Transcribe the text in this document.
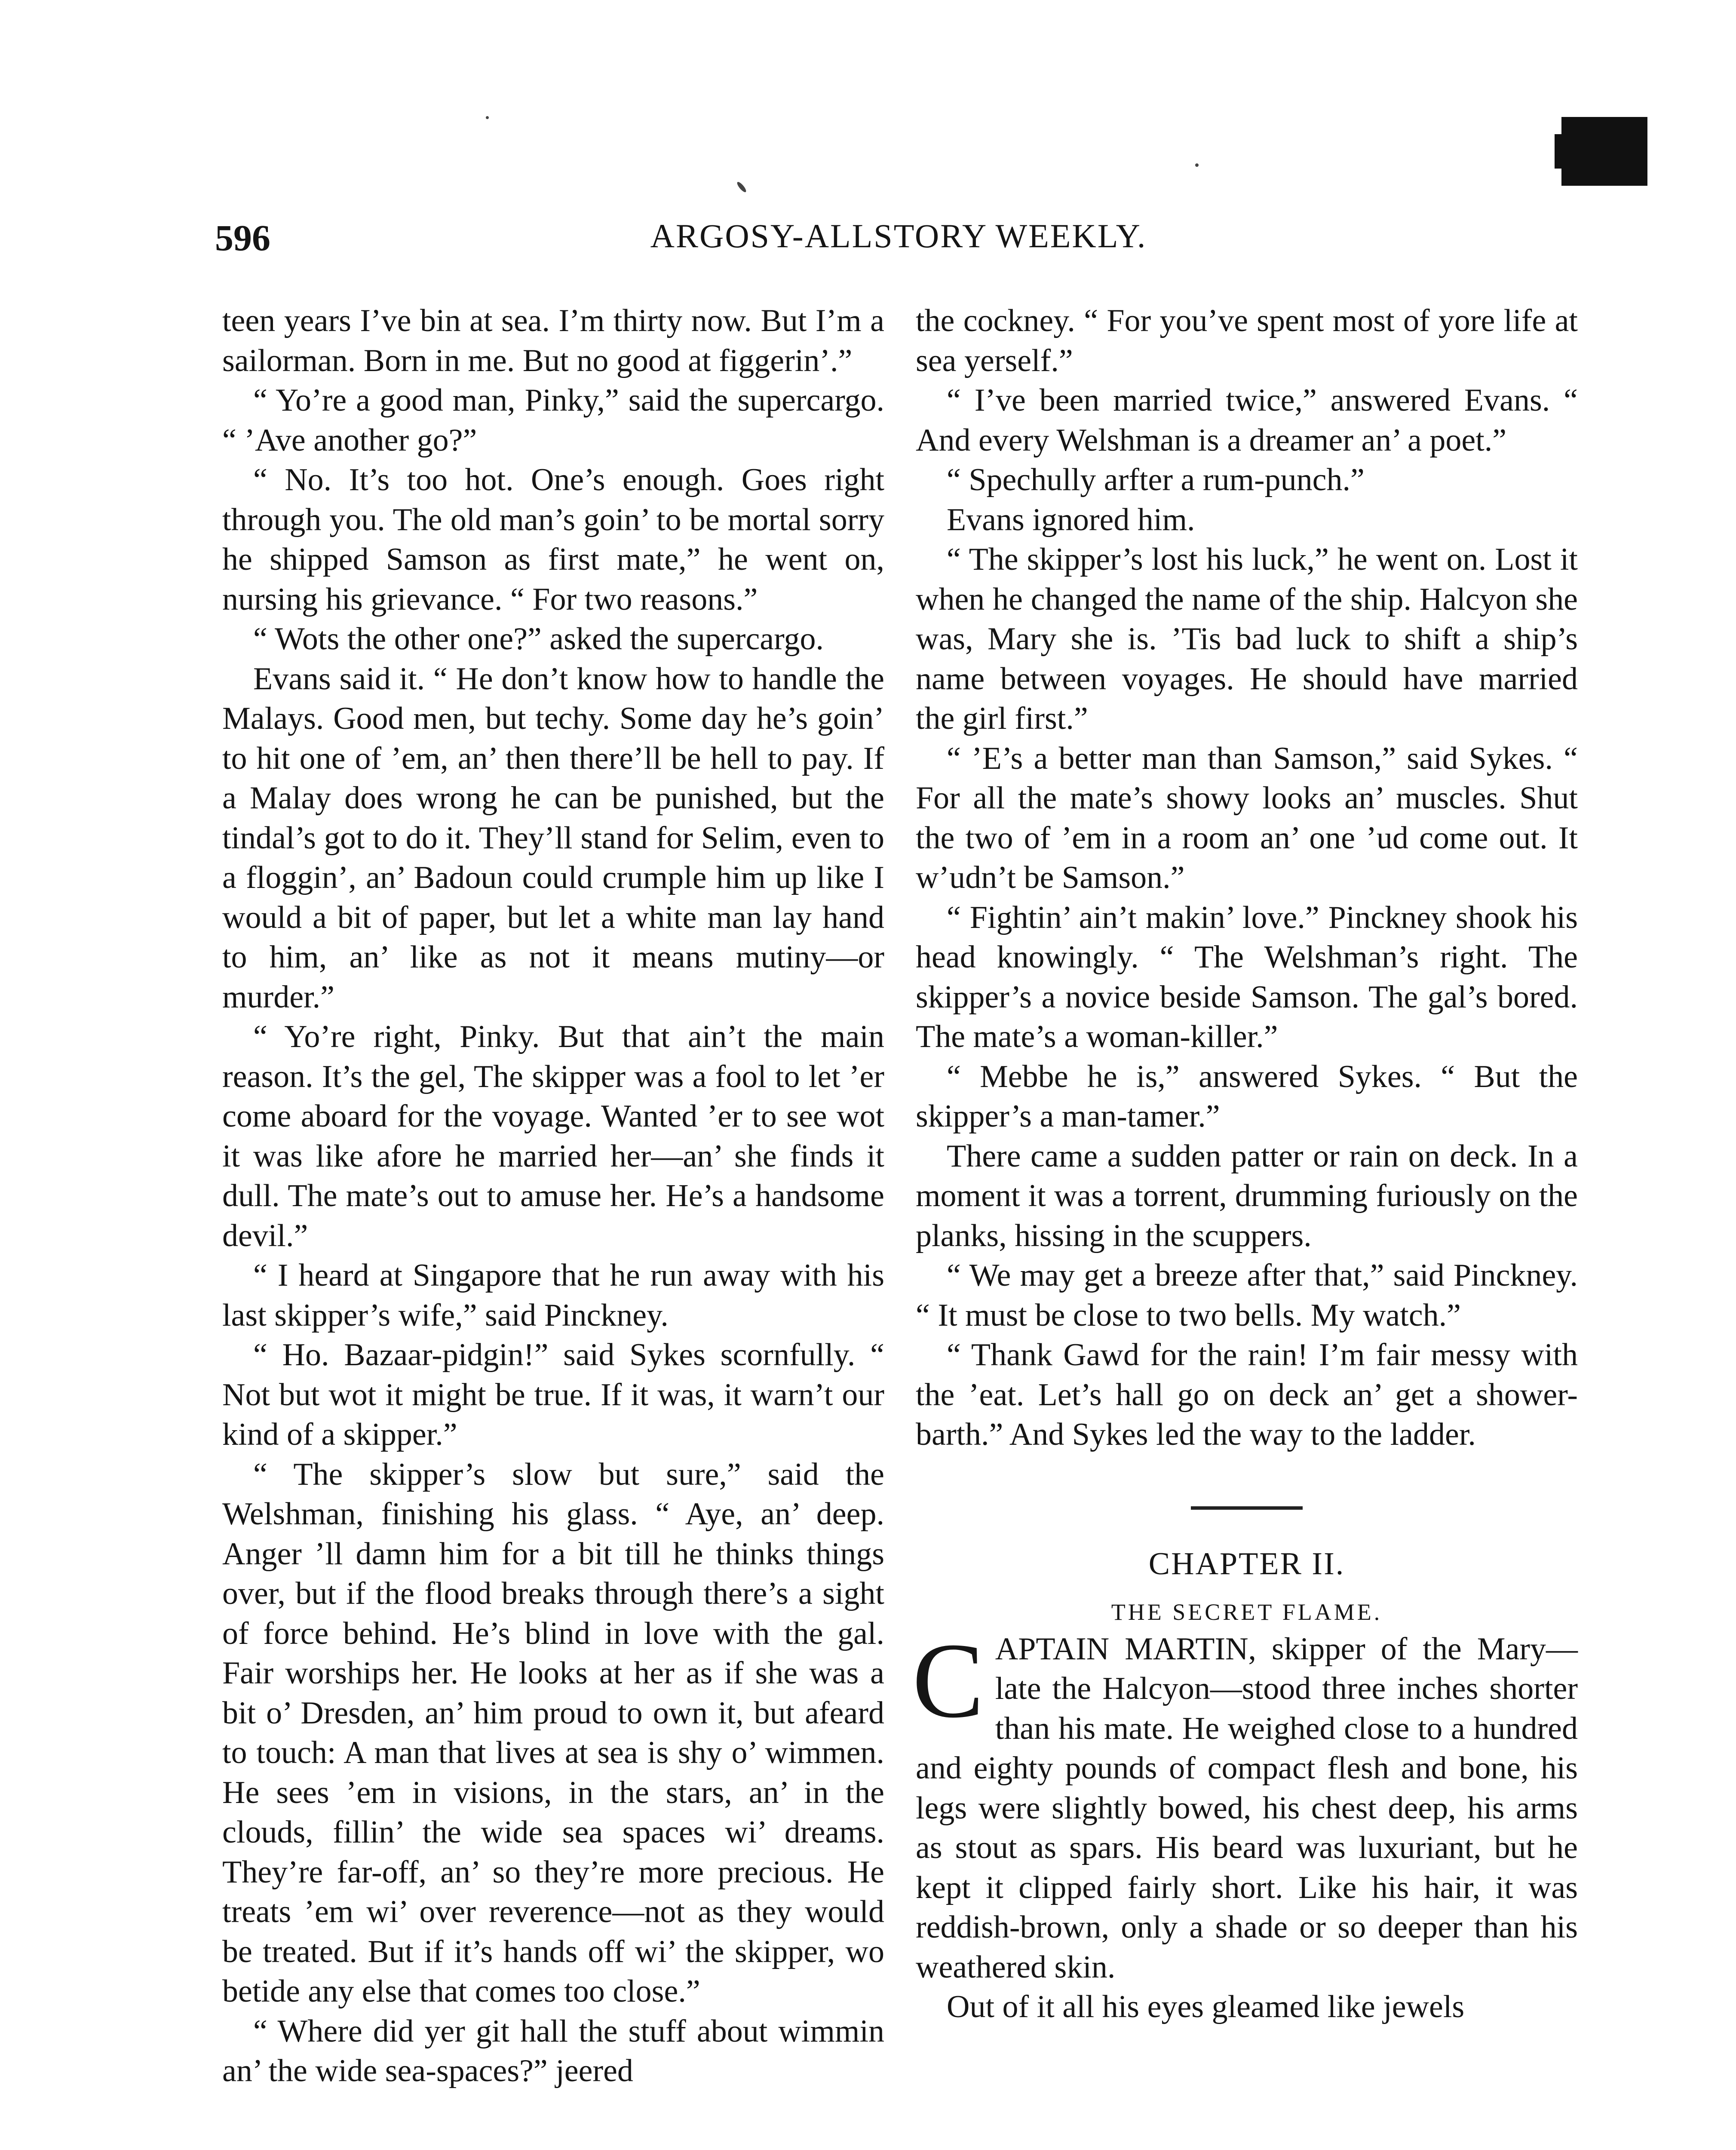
596	ARGOSY-ALLSTORY WEEKLY.

teen years I’ve bin at sea. I’m thirty now. But I’m a sailorman. Born in me. But no good at figgerin’.”

“ Yo’re a good man, Pinky,” said the supercargo. “ ’Ave another go?”

“ No. It’s too hot. One’s enough. Goes right through you. The old man’s goin’ to be mortal sorry he shipped Samson as first mate,” he went on, nursing his grievance. “ For two reasons.”

“ Wots the other one?” asked the supercargo.

Evans said it. “ He don’t know how to handle the Malays. Good men, but techy. Some day he’s goin’ to hit one of ’em, an’ then there’ll be hell to pay. If a Malay does wrong he can be punished, but the tindal’s got to do it. They’ll stand for Selim, even to a floggin’, an’ Badoun could crumple him up like I would a bit of paper, but let a white man lay hand to him, an’ like as not it means mutiny—or murder.”

“ Yo’re right, Pinky. But that ain’t the main reason. It’s the gel, The skipper was a fool to let ’er come aboard for the voyage. Wanted ’er to see wot it was like afore he married her—an’ she finds it dull. The mate’s out to amuse her. He’s a handsome devil.”

“ I heard at Singapore that he run away with his last skipper’s wife,” said Pinckney.

“ Ho. Bazaar-pidgin!” said Sykes scornfully. “ Not but wot it might be true. If it was, it warn’t our kind of a skipper.”

“ The skipper’s slow but sure,” said the Welshman, finishing his glass. “ Aye, an’ deep. Anger ’ll damn him for a bit till he thinks things over, but if the flood breaks through there’s a sight of force behind. He’s blind in love with the gal. Fair worships her. He looks at her as if she was a bit o’ Dresden, an’ him proud to own it, but afeard to touch: A man that lives at sea is shy o’ wimmen. He sees ’em in visions, in the stars, an’ in the clouds, fillin’ the wide sea spaces wi’ dreams. They’re far-off, an’ so they’re more precious. He treats ’em wi’ over reverence—not as they would be treated. But if it’s hands off wi’ the skipper, wo betide any else that comes too close.”

“ Where did yer git hall the stuff about wimmin an’ the wide sea-spaces?” jeered

the cockney. “ For you’ve spent most of yore life at sea yerself.”

“ I’ve been married twice,” answered Evans. “ And every Welshman is a dreamer an’ a poet.”

“ Spechully arfter a rum-punch.”

Evans ignored him.

“ The skipper’s lost his luck,” he went on. Lost it when he changed the name of the ship. Halcyon she was, Mary she is. ’Tis bad luck to shift a ship’s name between voyages. He should have married the girl first.”

“ ’E’s a better man than Samson,” said Sykes. “ For all the mate’s showy looks an’ muscles. Shut the two of ’em in a room an’ one ’ud come out. It w’udn’t be Samson.”

“ Fightin’ ain’t makin’ love.” Pinckney shook his head knowingly. “ The Welshman’s right. The skipper’s a novice beside Samson. The gal’s bored. The mate’s a woman-killer.”

“ Mebbe he is,” answered Sykes. “ But the skipper’s a man-tamer.”

There came a sudden patter or rain on deck. In a moment it was a torrent, drumming furiously on the planks, hissing in the scuppers.

“ We may get a breeze after that,” said Pinckney. “ It must be close to two bells. My watch.”

“ Thank Gawd for the rain! I’m fair messy with the ’eat. Let’s hall go on deck an’ get a shower-barth.” And Sykes led the way to the ladder.

CHAPTER II.
THE SECRET FLAME.

CAPTAIN MARTIN, skipper of the Mary—late the Halcyon—stood three inches shorter than his mate. He weighed close to a hundred and eighty pounds of compact flesh and bone, his legs were slightly bowed, his chest deep, his arms as stout as spars. His beard was luxuriant, but he kept it clipped fairly short. Like his hair, it was reddish-brown, only a shade or so deeper than his weathered skin.

Out of it all his eyes gleamed like jewels
